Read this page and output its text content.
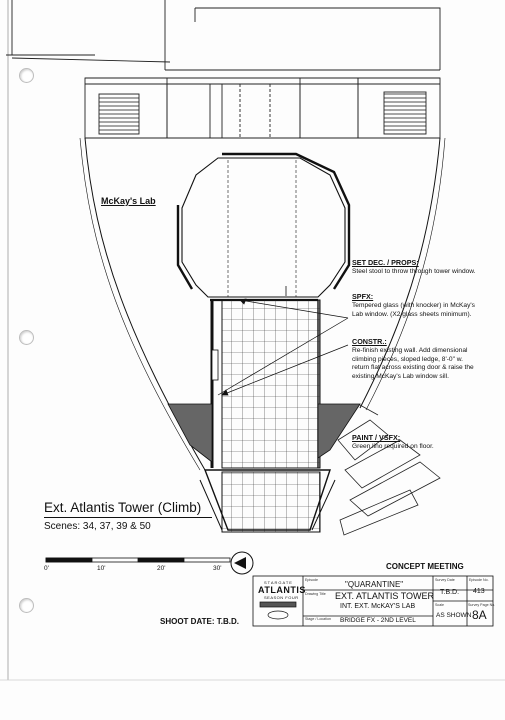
McKay's Lab
SET DEC. / PROPS:
Steel stool to throw through tower window.
SPFX:
Tempered glass (with knocker) in McKay's
Lab window. (X2 glass sheets minimum).
CONSTR.:
Re-finish existing wall. Add dimensional
climbing pieces, sloped ledge, 8'-0" w.
return flat across existing door & raise the
existing McKay's Lab window sill.
PAINT / VSFX:
Green lino required on floor.
Ext. Atlantis Tower (Climb)
Scenes: 34, 37, 39 & 50
0'	10'	20'	30'	CONCEPT MEETING
SHOOT DATE: T.B.D.
STARGATE
ATLANTIS
SEASON FOUR
Episode	"QUARANTINE"
Drawing Title EXT. ATLANTIS TOWER
INT. EXT. McKAY'S LAB
Stage / Location BRIDGE FX - 2ND LEVEL
Survey Date
T.B.D.
Episode No.
413
Scale
AS SHOWN
Survey Page No.
8A
